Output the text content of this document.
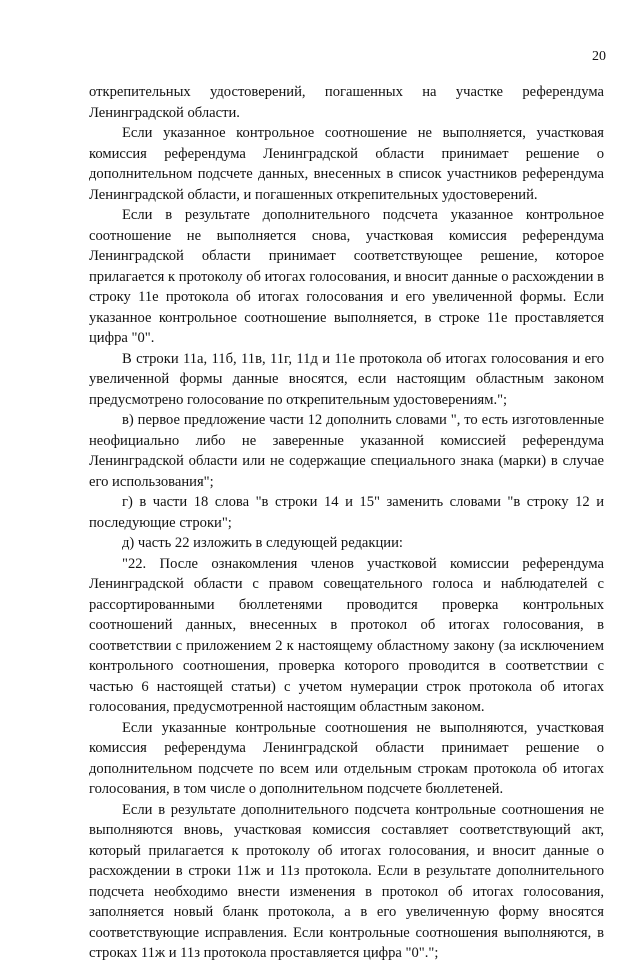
20

открепительных удостоверений, погашенных на участке референдума Ленинградской области.

Если указанное контрольное соотношение не выполняется, участковая комиссия референдума Ленинградской области принимает решение о дополнительном подсчете данных, внесенных в список участников референдума Ленинградской области, и погашенных открепительных удостоверений.

Если в результате дополнительного подсчета указанное контрольное соотношение не выполняется снова, участковая комиссия референдума Ленинградской области принимает соответствующее решение, которое прилагается к протоколу об итогах голосования, и вносит данные о расхождении в строку 11е протокола об итогах голосования и его увеличенной формы. Если указанное контрольное соотношение выполняется, в строке 11е проставляется цифра "0".

В строки 11а, 11б, 11в, 11г, 11д и 11е протокола об итогах голосования и его увеличенной формы данные вносятся, если настоящим областным законом предусмотрено голосование по открепительным удостоверениям.";

в) первое предложение части 12 дополнить словами ", то есть изготовленные неофициально либо не заверенные указанной комиссией референдума Ленинградской области или не содержащие специального знака (марки) в случае его использования";

г) в части 18 слова "в строки 14 и 15" заменить словами "в строку 12 и последующие строки";

д) часть 22 изложить в следующей редакции:

"22. После ознакомления членов участковой комиссии референдума Ленинградской области с правом совещательного голоса и наблюдателей с рассортированными бюллетенями проводится проверка контрольных соотношений данных, внесенных в протокол об итогах голосования, в соответствии с приложением 2 к настоящему областному закону (за исключением контрольного соотношения, проверка которого проводится в соответствии с частью 6 настоящей статьи) с учетом нумерации строк протокола об итогах голосования, предусмотренной настоящим областным законом.

Если указанные контрольные соотношения не выполняются, участковая комиссия референдума Ленинградской области принимает решение о дополнительном подсчете по всем или отдельным строкам протокола об итогах голосования, в том числе о дополнительном подсчете бюллетеней.

Если в результате дополнительного подсчета контрольные соотношения не выполняются вновь, участковая комиссия составляет соответствующий акт, который прилагается к протоколу об итогах голосования, и вносит данные о расхождении в строки 11ж и 11з протокола. Если в результате дополнительного подсчета необходимо внести изменения в протокол об итогах голосования, заполняется новый бланк протокола, а в его увеличенную форму вносятся соответствующие исправления. Если контрольные соотношения выполняются, в строках 11ж и 11з протокола проставляется цифра "0".";
